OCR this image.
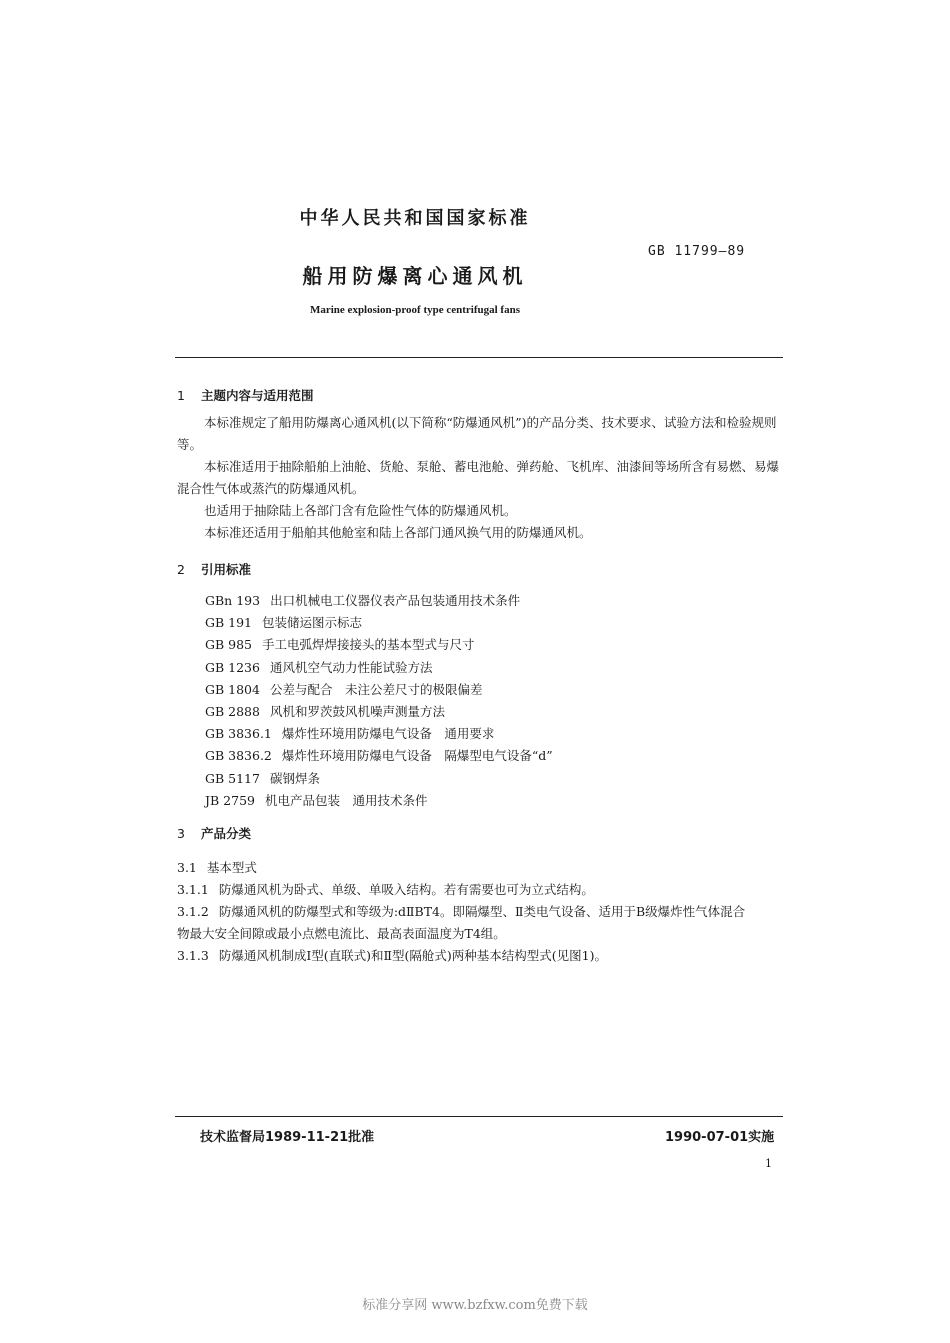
中华人民共和国国家标准
GB 11799—89
船用防爆离心通风机
Marine explosion-proof type centrifugal fans
1 主题内容与适用范围
本标准规定了船用防爆离心通风机(以下简称“防爆通风机”)的产品分类、技术要求、试验方法和检验规则等。
本标准适用于抽除船舶上油舱、货舱、泵舱、蓄电池舱、弹药舱、飞机库、油漆间等场所含有易燃、易爆混合性气体或蒸汽的防爆通风机。
也适用于抽除陆上各部门含有危险性气体的防爆通风机。
本标准还适用于船舶其他舱室和陆上各部门通风换气用的防爆通风机。
2 引用标准
GBn 193 出口机械电工仪器仪表产品包装通用技术条件
GB 191 包装储运图示标志
GB 985 手工电弧焊焊接接头的基本型式与尺寸
GB 1236 通风机空气动力性能试验方法
GB 1804 公差与配合　未注公差尺寸的极限偏差
GB 2888 风机和罗茨鼓风机噪声测量方法
GB 3836.1 爆炸性环境用防爆电气设备　通用要求
GB 3836.2 爆炸性环境用防爆电气设备　隔爆型电气设备“d”
GB 5117 碳钢焊条
JB 2759 机电产品包装　通用技术条件
3 产品分类
3.1 基本型式
3.1.1 防爆通风机为卧式、单级、单吸入结构。若有需要也可为立式结构。
3.1.2 防爆通风机的防爆型式和等级为:dⅡBT4。即隔爆型、Ⅱ类电气设备、适用于B级爆炸性气体混合
物最大安全间隙或最小点燃电流比、最高表面温度为T4组。
3.1.3 防爆通风机制成Ⅰ型(直联式)和Ⅱ型(隔舱式)两种基本结构型式(见图1)。
技术监督局1989-11-21批准	1990-07-01实施
1
标准分享网 www.bzfxw.com免费下载
